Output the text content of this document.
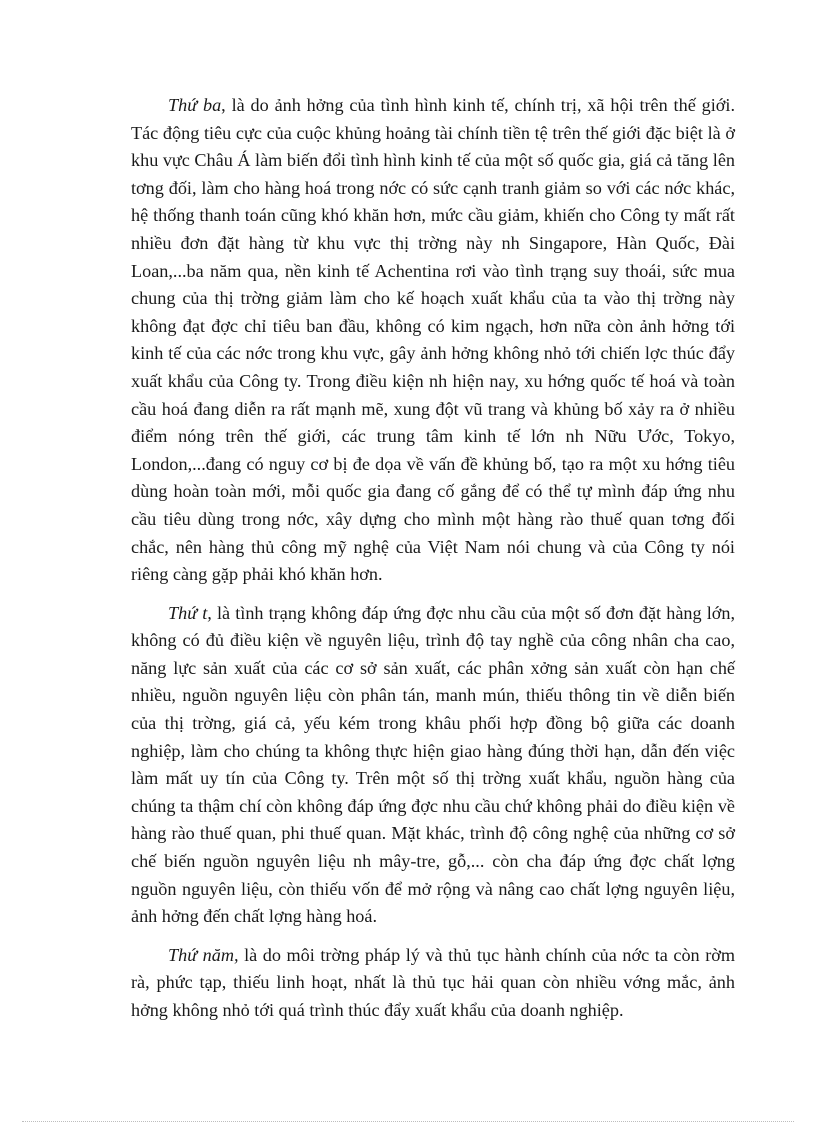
Thứ ba, là do ảnh hởng của tình hình kinh tế, chính trị, xã hội trên thế giới. Tác động tiêu cực của cuộc khủng hoảng tài chính tiền tệ trên thế giới đặc biệt là ở khu vực Châu Á làm biến đổi tình hình kinh tế của một số quốc gia, giá cả tăng lên tơng đối, làm cho hàng hoá trong nớc có sức cạnh tranh giảm so với các nớc khác, hệ thống thanh toán cũng khó khăn hơn, mức cầu giảm, khiến cho Công ty mất rất nhiều đơn đặt hàng từ khu vực thị trờng này nh Singapore, Hàn Quốc, Đài Loan,...ba năm qua, nền kinh tế Achentina rơi vào tình trạng suy thoái, sức mua chung của thị trờng giảm làm cho kế hoạch xuất khẩu của ta vào thị trờng này không đạt đợc chỉ tiêu ban đầu, không có kim ngạch, hơn nữa còn ảnh hởng tới kinh tế của các nớc trong khu vực, gây ảnh hởng không nhỏ tới chiến lợc thúc đẩy xuất khẩu của Công ty. Trong điều kiện nh hiện nay, xu hớng quốc tế hoá và toàn cầu hoá đang diễn ra rất mạnh mẽ, xung đột vũ trang và khủng bố xảy ra ở nhiều điểm nóng trên thế giới, các trung tâm kinh tế lớn nh Nữu Ước, Tokyo, London,...đang có nguy cơ bị đe dọa về vấn đề khủng bố, tạo ra một xu hớng tiêu dùng hoàn toàn mới, mỗi quốc gia đang cố gắng để có thể tự mình đáp ứng nhu cầu tiêu dùng trong nớc, xây dựng cho mình một hàng rào thuế quan tơng đối chắc, nên hàng thủ công mỹ nghệ của Việt Nam nói chung và của Công ty nói riêng càng gặp phải khó khăn hơn.

Thứ t, là tình trạng không đáp ứng đợc nhu cầu của một số đơn đặt hàng lớn, không có đủ điều kiện về nguyên liệu, trình độ tay nghề của công nhân cha cao, năng lực sản xuất của các cơ sở sản xuất, các phân xởng sản xuất còn hạn chế nhiều, nguồn nguyên liệu còn phân tán, manh mún, thiếu thông tin về diễn biến của thị trờng, giá cả, yếu kém trong khâu phối hợp đồng bộ giữa các doanh nghiệp, làm cho chúng ta không thực hiện giao hàng đúng thời hạn, dẫn đến việc làm mất uy tín của Công ty. Trên một số thị trờng xuất khẩu, nguồn hàng của chúng ta thậm chí còn không đáp ứng đợc nhu cầu chứ không phải do điều kiện về hàng rào thuế quan, phi thuế quan. Mặt khác, trình độ công nghệ của những cơ sở chế biến nguồn nguyên liệu nh mây-tre, gỗ,... còn cha đáp ứng đợc chất lợng nguồn nguyên liệu, còn thiếu vốn để mở rộng và nâng cao chất lợng nguyên liệu, ảnh hởng đến chất lợng hàng hoá.

Thứ năm, là do môi trờng pháp lý và thủ tục hành chính của nớc ta còn rờm rà, phức tạp, thiếu linh hoạt, nhất là thủ tục hải quan còn nhiều vớng mắc, ảnh hởng không nhỏ tới quá trình thúc đẩy xuất khẩu của doanh nghiệp.
